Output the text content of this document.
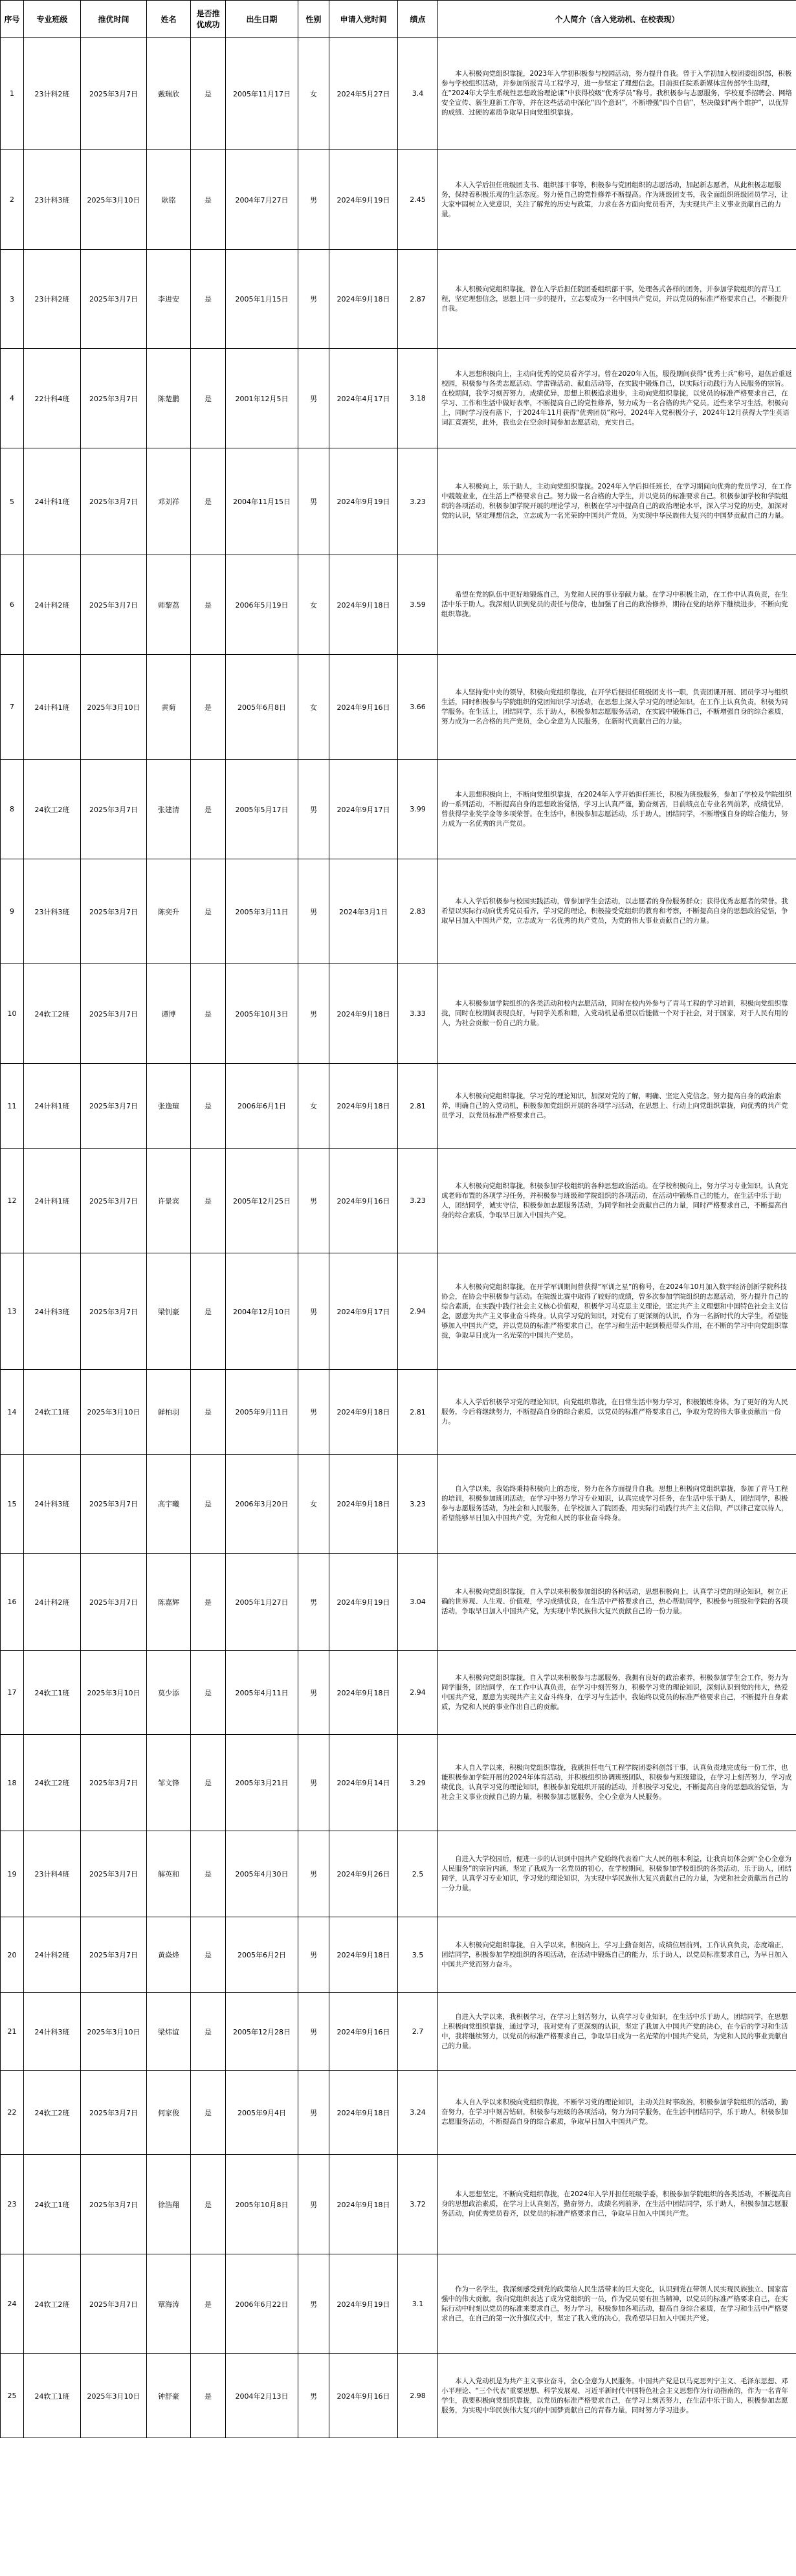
序号	专业班级	推优时间	姓名	是否推优成功	出生日期	性别	申请入党时间	绩点	个人简介（含入党动机、在校表现）
1	23计科2班	2025年3月7日	戴瑞欣	是	2005年11月17日	女	2024年5月27日	3.4	本人积极向党组织靠拢，2023年入学初积极参与校园活动，努力提升自我。曾于入学初加入校团委组织部，积极参与学校组织活动，并参加所报青马工程学习，进一步坚定了理想信念。目前担任院系新媒体宣传部学生助理，在“2024年大学生系统性思想政治理论课”中获得校级“优秀学员”称号。我积极参与志愿服务，学校夏季招聘会、网络安全宣传、新生迎新工作等，并在这些活动中深化“四个意识”，不断增强“四个自信”，坚决做到“两个维护”，以优异的成绩、过硬的素质争取早日向党组织靠拢。

2	23计科3班	2025年3月10日	耿铭	是	2004年7月27日	男	2024年9月19日	2.45	本人入学后担任班级团支书、组织部干事等，积极参与党团组织的志愿活动，加起新志愿者，从此积极志愿服务，保持着积极乐观的生活态度。努力使自己的党性修养不断提高。作为班级团支书，我全面组织班级团员学习，让大家牢固树立入党意识，关注了解党的历史与政策，力求在各方面向党员看齐，为实现共产主义事业贡献自己的力量。

3	23计科2班	2025年3月7日	李进安	是	2005年1月15日	男	2024年9月18日	2.87	本人积极向党组织靠拢，曾在入学后担任院团委组织部干事，处理各式各样的团务，并参加学院组织的青马工程，坚定理想信念，思想上同一步的提升，立志要成为一名中国共产党员，并以党员的标准严格要求自己，不断提升自我。

4	22计科4班	2025年3月7日	陈楚鹏	是	2001年12月5日	男	2024年4月17日	3.18	本人思想积极向上，主动向优秀的党员看齐学习。曾在2020年入伍，服役期间获得“优秀士兵”称号，退伍后重返校园，积极参与各类志愿活动、学雷锋活动、献血活动等，在实践中锻炼自己，以实际行动践行为人民服务的宗旨。在校期间，我学习刻苦努力，成绩优异，思想上积极追求进步，主动向党组织靠拢，以党员的标准严格要求自己，在学习、工作和生活中做好表率，不断提高自己的党性修养，努力成为一名合格的共产党员。近些来学习生活，积极向上，同时学习没有落下，于2024年11月获得“优秀团员”称号，2024年入党积极分子，2024年12月获得大学生英语词汇竞赛奖，此外，我也会在空余时间参加志愿活动，充实自己。

5	24计科1班	2025年3月7日	邓刘祥	是	2004年11月15日	男	2024年9月19日	3.23	本人积极向上，乐于助人，主动向党组织靠拢。2024年入学后担任班长，在学习期间向优秀的党员学习，在工作中兢兢业业，在生活上严格要求自己。努力做一名合格的大学生，并以党员的标准要求自己。积极参加学校和学院组织的各项活动，积极参加学院开展的理论学习，积极在学习中提高自己的政治理论水平，深入学习党的历史，加深对党的认识，坚定理想信念，立志成为一名光荣的中国共产党员，为实现中华民族伟大复兴的中国梦贡献自己的力量。

6	24计科2班	2025年3月7日	师黎荔	是	2006年5月19日	女	2024年9月18日	3.59	希望在党的队伍中更好地锻炼自己，为党和人民的事业奉献力量。在学习中积极主动，在工作中认真负责，在生活中乐于助人。我深刻认识到党员的责任与使命，也加强了自己的政治修养，期待在党的培养下继续进步，不断向党组织靠拢。

7	24计科1班	2025年3月10日	黄菊	是	2005年6月8日	女	2024年9月16日	3.66	本人坚持党中央的领导，积极向党组织靠拢，在开学后便担任班级团支书一职，负责团课开展、团员学习与组织生活，同时积极参与学院组织的党团知识学习活动，在思想上深入学习党的理论知识，在工作上认真负责，积极为同学服务。在生活上，团结同学，乐于助人，积极参加志愿服务活动，在实践中锻炼自己，不断增强自身的综合素质，努力成为一名合格的共产党员，全心全意为人民服务，在新时代贡献自己的力量。

8	24软工2班	2025年3月7日	张建清	是	2005年5月17日	男	2024年9月17日	3.99	本人思想积极向上，不断向党组织靠拢，在2024年入学开始担任班长，积极为班级服务，参加了学校及学院组织的一系列活动，不断提高自身的思想政治觉悟，学习上认真严谨，勤奋刻苦，目前绩点在专业名列前茅，成绩优异，曾获得学业奖学金等多项荣誉。在生活中，积极参加志愿活动，乐于助人，团结同学，不断增强自身的综合能力，努力成为一名优秀的共产党员。

9	23计科3班	2025年3月7日	陈奕升	是	2005年3月11日	男	2024年3月1日	2.83	本人入学后积极参与校园实践活动，曾参加学生会活动，以志愿者的身份服务群众；获得优秀志愿者的荣誉。我希望以实际行动向优秀党员看齐，学习党的理论，积极接受党组织的教育和考察，不断提高自身的思想政治觉悟，争取早日加入中国共产党，立志成为一名优秀的共产党员，为党的伟大事业贡献自己的力量。

10	24软工2班	2025年3月7日	谭博	是	2005年10月3日	男	2024年9月18日	3.33	本人积极参加学院组织的各类活动和校内志愿活动，同时在校内外参与了青马工程的学习培训，积极向党组织靠拢，同时在校期间表现良好，与同学关系和睦，入党动机是希望以后能做一个对于社会，对于国家，对于人民有用的人，为社会贡献一份自己的力量。

11	24计科1班	2025年3月7日	张逸瑄	是	2006年6月1日	女	2024年9月18日	2.81	本人积极向党组织靠拢，学习党的理论知识，加深对党的了解，明确、坚定入党信念。努力提高自身的政治素养，明确自己的入党动机，积极参加党组织开展的各项学习活动，在思想上、行动上向党组织靠拢，向优秀的共产党员学习，以党员标准严格要求自己。

12	24计科1班	2025年3月7日	许景宾	是	2005年12月25日	男	2024年9月16日	3.23	本人积极向党组织靠拢，积极参加学校组织的各种思想政治活动。在学校积极向上，努力学习专业知识，认真完成老师布置的各项学习任务，并积极参与班级和学院组织的各项活动，在活动中锻炼自己的能力，在生活中乐于助人，团结同学，诚实守信，积极参加志愿服务活动，为同学和社会贡献自己的力量，同时严格要求自己，不断提高自身的综合素质，争取早日加入中国共产党。

13	24计科3班	2025年3月7日	梁钊豪	是	2004年12月10日	男	2024年9月17日	2.94	本人积极向党组织靠拢，在开学军训期间曾获得“军训之星”的称号，在2024年10月加入数字经济创新学院科技协会，在协会中积极参与活动。在院级比赛中取得了较好的成绩，曾多次参加学院组织的志愿活动，努力提升自己的综合素质，在实践中践行社会主义核心价值观，积极学习马克思主义理论，坚定共产主义理想和中国特色社会主义信念，愿意为共产主义事业奋斗终身。认真学习党的知识，对党有了更深刻的认识，作为一名新时代的大学生，希望能够加入中国共产党，并以党员的标准严格要求自己，在学习和生活中起到模范带头作用，在不断的学习中向党组织靠拢，争取早日成为一名光荣的中国共产党员。

14	24软工1班	2025年3月10日	鲜柏羽	是	2005年9月11日	男	2024年9月18日	2.81	本人入学后积极学习党的理论知识，向党组织靠拢，在日常生活中努力学习，积极锻炼身体，为了更好的为人民服务，今后将继续努力，不断提高自身的综合素质，以党员的标准严格要求自己，争取为党的伟大事业贡献出一份力。

15	24计科3班	2025年3月7日	高宇曦	是	2006年3月20日	女	2024年9月18日	3.23	自入学以来，我始终秉持积极向上的态度，努力在各方面提升自我。思想上积极向党组织靠拢，参加了青马工程的培训，积极参加班团活动，在学习中努力学习专业知识，认真完成学习任务，在生活中乐于助人，团结同学，积极参与志愿服务活动，为社会和人民服务，在学校加入了院团委，用实际行动践行共产主义信仰，严以律己宽以待人，希望能够早日加入中国共产党，为党和人民的事业奋斗终身。

16	24计科2班	2025年3月7日	陈嘉辉	是	2005年1月27日	男	2024年9月19日	3.04	本人积极向党组织靠拢，自入学以来积极参加组织的各种活动，思想积极向上，认真学习党的理论知识，树立正确的世界观、人生观、价值观，学习成绩优良，在生活中严格要求自己，热心帮助同学，积极参与班级和学院的各项活动，争取早日加入中国共产党，为实现中华民族伟大复兴贡献自己的一份力量。

17	24软工1班	2025年3月10日	莫少添	是	2005年4月11日	男	2024年9月18日	2.94	本人积极向党组织靠拢，自入学以来积极参与志愿服务，我拥有良好的政治素养，积极参加学生会工作，努力为同学服务，团结同学，在工作中认真负责，在学习中刻苦努力，积极学习党的理论知识，深刻认识到党的伟大，热爱中国共产党，愿意为实现共产主义奋斗终身，在学习与生活中，我始终以党员的标准严格要求自己，不断提升自身素质，为党和人民的事业作出自己的贡献。

18	24软工2班	2025年3月7日	邹文锋	是	2005年3月21日	男	2024年9月14日	3.29	本人自入学以来，积极向党组织靠拢，我就担任电气工程学院团委科创部干事，认真负责地完成每一份工作，也能积极参加学院开展的2024年体育活动，并积极组织协调班级团队，积极参与班级建设，在学习上刻苦努力，学习成绩优良，认真学习党的理论知识，积极参加党组织开展的活动，并积极学习党史，不断提高自身的思想政治觉悟，为社会主义事业贡献自己的力量，积极参加志愿服务，全心全意为人民服务。

19	23计科4班	2025年3月7日	解英和	是	2005年4月30日	男	2024年9月26日	2.5	自进入大学校园后，便进一步的认识到中国共产党始终代表着广大人民的根本利益，让我真切体会到“全心全意为人民服务”的宗旨内涵，坚定了我成为一名党员的初心，在学校期间，积极参加学校组织的各类活动，乐于助人，团结同学，认真学习专业知识，学习党的理论知识，为实现中华民族伟大复兴贡献自己的力量，为党和社会贡献出自己的一分力量。

20	24计科2班	2025年3月7日	黄焱烽	是	2005年6月2日	男	2024年9月18日	3.5	本人积极向党组织靠拢，自入学以来，积极向上，学习上勤奋刻苦，成绩位居前列，工作认真负责，态度端正，团结同学，积极参加学校组织的各项活动，在活动中锻炼自己的能力，乐于助人，以党员标准要求自己，为早日加入中国共产党而努力奋斗。

21	24计科3班	2025年3月10日	梁炜谊	是	2005年12月28日	男	2024年9月16日	2.7	自进入大学以来，我积极学习，在学习上刻苦努力，认真学习专业知识，在生活中乐于助人，团结同学，在思想上积极向党组织靠拢，通过学习，我对党有了更深刻的认识，坚定了我加入中国共产党的决心，在今后的学习和生活中，我将继续努力，以党员的标准严格要求自己，争取早日成为一名光荣的中国共产党员，为党和人民的事业贡献自己的力量。

22	24软工2班	2025年3月7日	何家俊	是	2005年9月4日	男	2024年9月18日	3.24	本人自入学以来积极向党组织靠拢，不断学习党的理论知识，主动关注时事政治，积极参加学院组织的活动，勤奋努力，在学习中刻苦钻研，积极参与班级的各项活动，努力为同学服务，在生活中团结同学，乐于助人，积极参加志愿服务活动，不断提高自身的综合素质，争取早日加入中国共产党。

23	24软工1班	2025年3月7日	徐浩翔	是	2005年10月8日	男	2024年9月18日	3.72	本人思想坚定，不断向党组织靠拢，在2024年入学并担任班级学委，积极参加学院组织的各类活动，不断提高自身的思想政治素质，在学习上认真刻苦，勤奋努力，成绩名列前茅，在生活中团结同学，乐于助人，积极参加志愿服务活动，向优秀党员看齐，以党员的标准严格要求自己，争取早日加入中国共产党。

24	24软工2班	2025年3月7日	覃海涛	是	2006年6月22日	男	2024年9月19日	3.1	作为一名学生，我深刻感受到党的政策给人民生活带来的巨大变化，认识到党在带领人民实现民族独立、国家富强中的伟大贡献。我向党组织表达了成为党组织的一员，作为党员要有担当精神，以党员的标准严格要求自己，在实际行动中时刻以党员的标准来要求自己，努力学习，积极参加各项活动，提高自身综合素质，在学习和生活中严格要求自己，在自己的第一次升旗仪式中，坚定了我入党的决心，我希望早日加入中国共产党。

25	24软工1班	2025年3月10日	钟舒豪	是	2004年2月13日	男	2024年9月16日	2.98	本人入党动机是为共产主义事业奋斗，全心全意为人民服务。中国共产党是以马克思列宁主义、毛泽东思想、邓小平理论、“三个代表”重要思想、科学发展观、习近平新时代中国特色社会主义思想作为行动指南的，作为一名青年学生，我要积极向党组织靠拢，以党员的标准严格要求自己，在学习上刻苦努力，在生活中乐于助人，积极参加志愿服务，为实现中华民族伟大复兴的中国梦贡献自己的青春力量，同时努力学习进步。
